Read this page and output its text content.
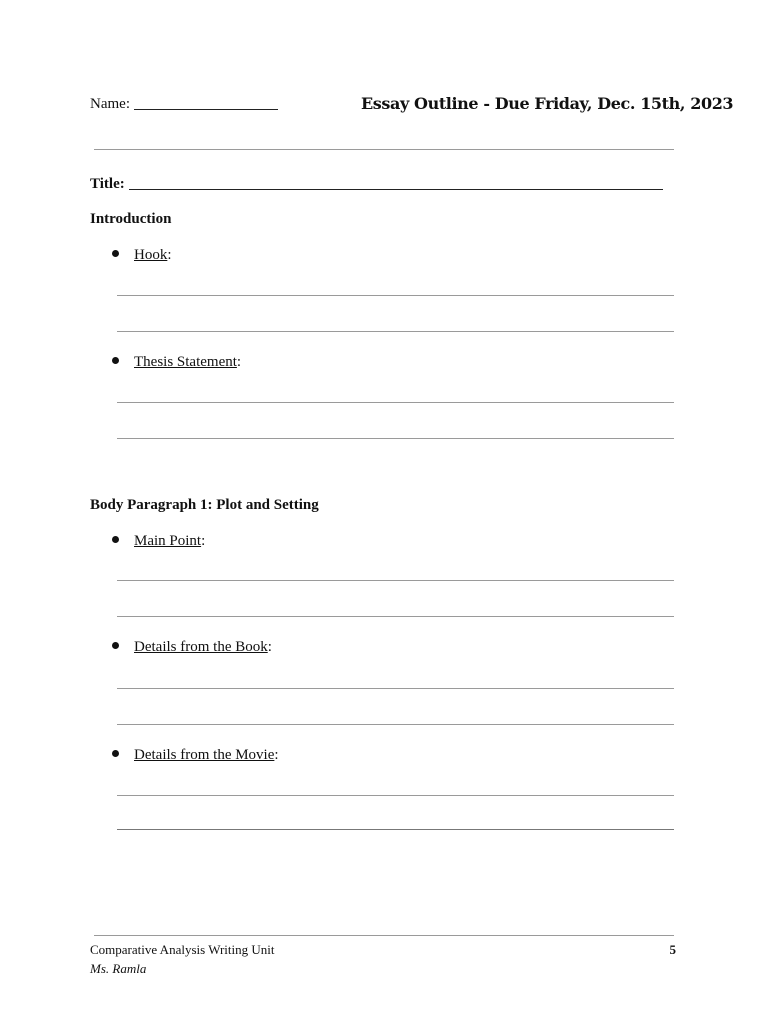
Name:	Essay Outline - Due Friday, Dec. 15th, 2023
Title:
Introduction
Hook:
Thesis Statement:
Body Paragraph 1: Plot and Setting
Main Point:
Details from the Book:
Details from the Movie:
Comparative Analysis Writing Unit
Ms. Ramla
5
